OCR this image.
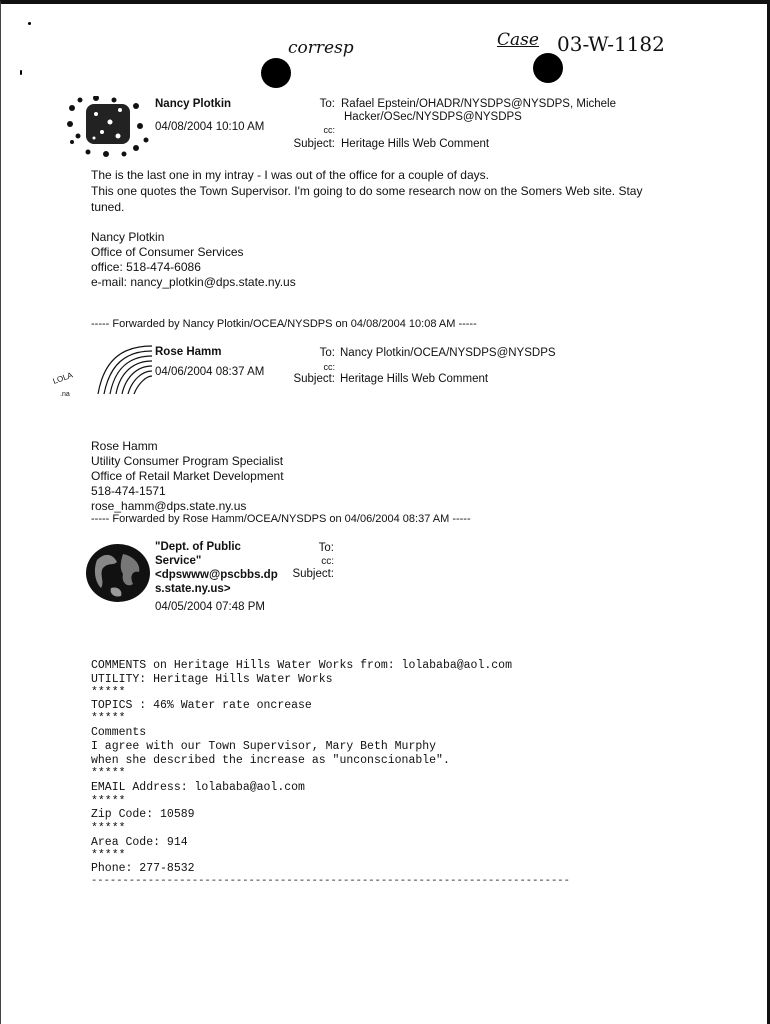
corresp	Case 03-W-1182
Nancy Plotkin
04/08/2004 10:10 AM
To: Rafael Epstein/OHADR/NYSDPS@NYSDPS, Michele
Hacker/OSec/NYSDPS@NYSDPS
cc:
Subject: Heritage Hills Web Comment
The is the last one in my intray - I was out of the office for a couple of days.
This one quotes the Town Supervisor. I'm going to do some research now on the Somers Web site. Stay
tuned.
Nancy Plotkin
Office of Consumer Services
office: 518-474-6086
e-mail: nancy_plotkin@dps.state.ny.us
----- Forwarded by Nancy Plotkin/OCEA/NYSDPS on 04/08/2004 10:08 AM -----
LOLA
.na
Rose Hamm
04/06/2004 08:37 AM
To: Nancy Plotkin/OCEA/NYSDPS@NYSDPS
cc:
Subject: Heritage Hills Web Comment
Rose Hamm
Utility Consumer Program Specialist
Office of Retail Market Development
518-474-1571
rose_hamm@dps.state.ny.us
----- Forwarded by Rose Hamm/OCEA/NYSDPS on 04/06/2004 08:37 AM -----
"Dept. of Public
Service"
<dpswww@pscbbs.dp
s.state.ny.us>
04/05/2004 07:48 PM
To:
cc:
Subject:
COMMENTS on Heritage Hills Water Works from: lolababa@aol.com
UTILITY: Heritage Hills Water Works
*****
TOPICS : 46% Water rate oncrease
*****
Comments
I agree with our Town Supervisor, Mary Beth Murphy
when she described the increase as "unconscionable".
*****
EMAIL Address: lolababa@aol.com
*****
Zip Code: 10589
*****
Area Code: 914
*****
Phone: 277-8532
----------------------------------------------------------------------------
